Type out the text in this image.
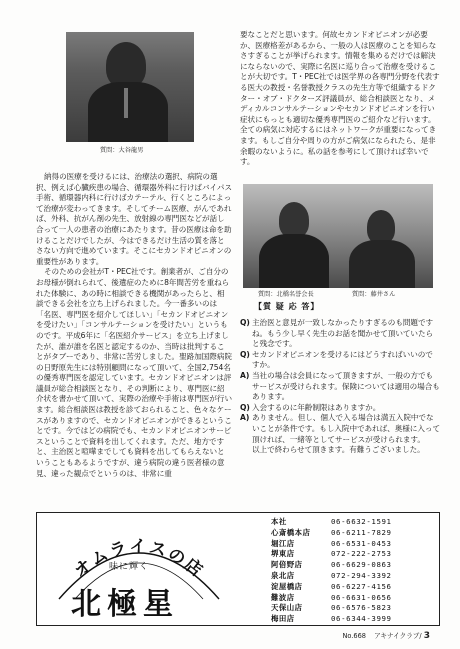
質問：大谷龍男

納得の医療を受けるには、治療法の選択、病院の選択、例えば心臓疾患の場合、循環器外科に行けばバイパス手術、循環器内科に行けばカテーテル、行くところによって治療が変わってきます。そしてチーム医療、がんであれば、外科、抗がん剤の先生、放射線の専門医などが話し合って一人の患者の治療にあたります。昔の医療は命を助けることだけでしたが、今はできるだけ生活の質を落とさない方向で進めています。そこにセカンドオピニオンの重要性があります。

そのための会社がT・PEC社です。創業者が、ご自分のお母様が倒れられて、後遺症のために8年間苦労を重ねられた体験に、あの時に相談できる機関があったらと、相談できる会社を立ち上げられました。今一番多いのは「名医、専門医を紹介してほしい」「セカンドオピニオンを受けたい」「コンサルテーションを受けたい」というものです。平成6年に「名医紹介サービス」を立ち上げましたが、誰が誰を名医と認定するのか、当時は批判することがタブーであり、非常に苦労しました。聖路加国際病院の日野原先生には特別顧問になって頂いて、全国2,754名の優秀専門医を認定しています。セカンドオピニオンは評議員が総合相談医となり、その判断により、専門医に紹介状を書かせて頂いて、実際の治療や手術は専門医が行います。総合相談医は教授を診ておられること、色々なケースがありますので、セカンドオピニオンができるということです。今ではどの病院でも、セカンドオピニオンサービスということで資料を出してくれます。ただ、地方ですと、主治医と喧嘩までしても資料を出してもらえないということもあるようですが、違う病院の違う医者様の意見、違った観点でというのは、非常に重

要なことだと思います。何故セカンドオピニオンが必要か、医療格差があるから、一般の人は医療のことを知らなさすぎることが挙げられます。情報を集めるだけでは解決にならないので、実際に名医に巡り合って治療を受けることが大切です。T・PEC社では医学界の各専門分野を代表する医大の教授・名誉教授クラスの先生方等で組織するドクター・オブ・ドクターズ評議員が、総合相談医となり、メディカルコンサルテーションやセカンドオピニオンを行い症状にもっとも適切な優秀専門医のご紹介など行います。全ての病気に対応するにはネットワークが重要になってきます。もしご自分や周りの方がご病気になられたら、是非余暇のないように。私の話を参考にして頂ければ幸いです。
質問：北橋名誉会長	質問：藤井さん
【質 疑 応 答】
Q) 主治医と意見が一致しなかったりすぎるのも問題ですね。もう少し早く先生のお話を聞かせて頂いていたらと残念です。
Q) セカンドオピニオンを受けるにはどうすればいいのですか。
A) 当社の場合は会員になって頂きますが、一般の方でもサービスが受けられます。保険については適用の場合もあります。
Q) 入会するのに年齢制限はありますか。
A) ありません。但し、個人で入る場合は満五入院中でないことが条件です。もし入院中であれば、奥様に入って頂ければ、一緒等としてサービスが受けられます。
以上で終わらせて頂きます。有難うございました。
オムライスの店
味に輝く
北極星
本社	06-6632-1591
心斎橋本店	06-6211-7829
堀江店	06-6531-0453
堺東店	072-222-2753
阿倍野店	06-6629-0863
泉北店	072-294-3392
淀屋橋店	06-6227-4156
難波店	06-6631-0656
天保山店	06-6576-5823
梅田店	06-6344-3999
No.668 アキナイクラブ/ 3
